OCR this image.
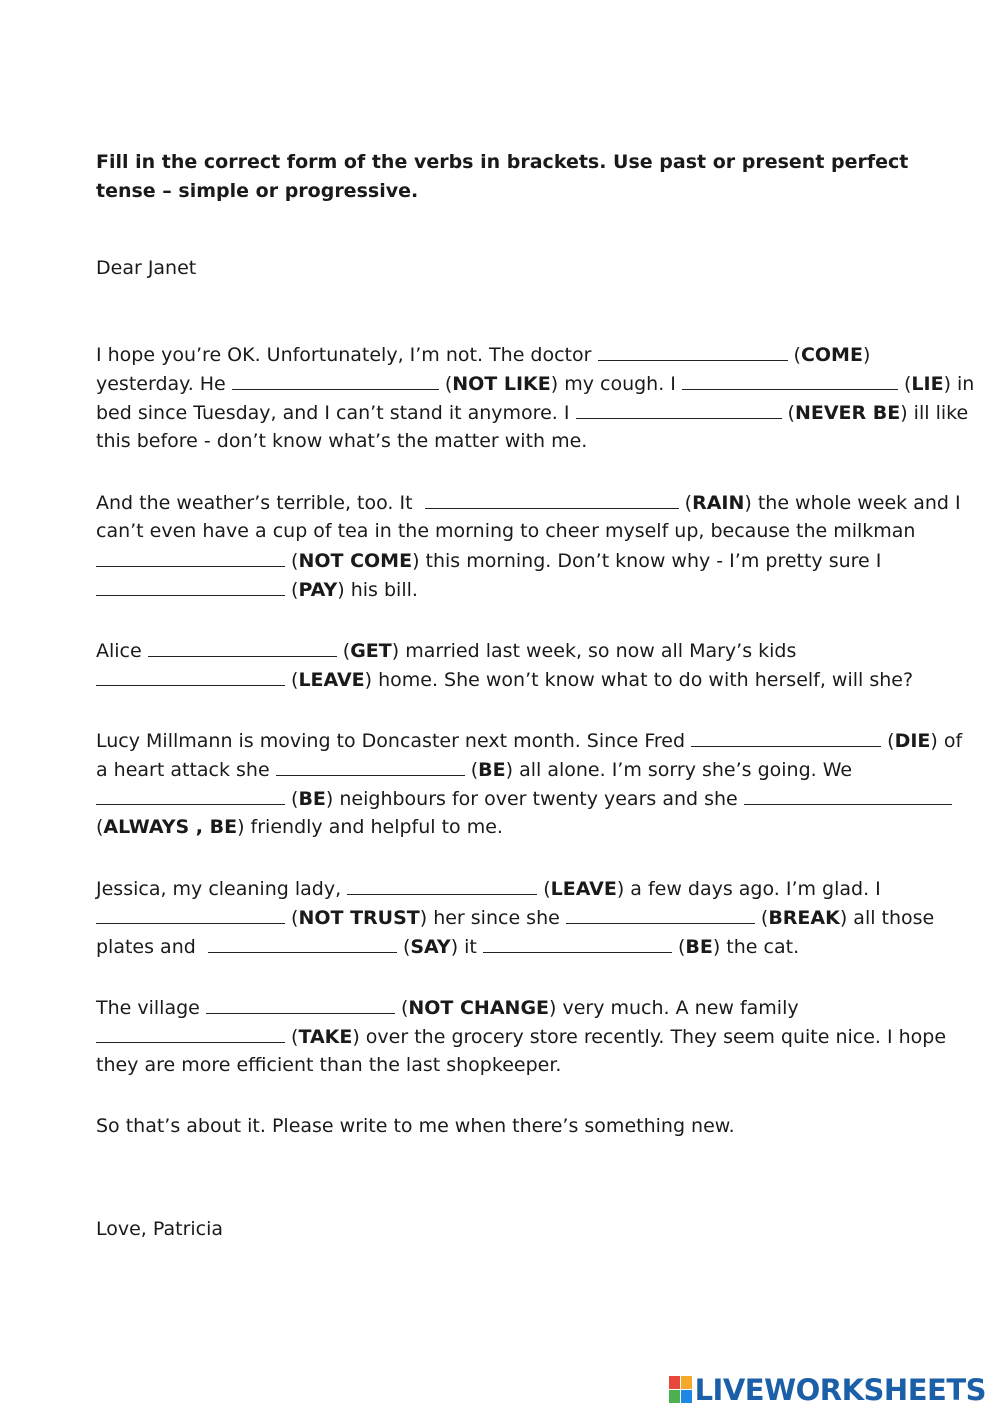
Fill in the correct form of the verbs in brackets. Use past or present perfect tense – simple or progressive.
Dear Janet
I hope you’re OK. Unfortunately, I’m not. The doctor	(COME)
yesterday. He	(NOT LIKE) my cough. I	(LIE) in
bed since Tuesday, and I can’t stand it anymore. I	(NEVER BE) ill like
this before - don’t know what’s the matter with me.
And the weather’s terrible, too. It	(RAIN) the whole week and I
can’t even have a cup of tea in the morning to cheer myself up, because the milkman
(NOT COME) this morning. Don’t know why - I’m pretty sure I
(PAY) his bill.
Alice	(GET) married last week, so now all Mary’s kids
(LEAVE) home. She won’t know what to do with herself, will she?
Lucy Millmann is moving to Doncaster next month. Since Fred	(DIE) of
a heart attack she	(BE) all alone. I’m sorry she’s going. We
(BE) neighbours for over twenty years and she
(ALWAYS , BE) friendly and helpful to me.
Jessica, my cleaning lady,	(LEAVE) a few days ago. I’m glad. I
(NOT TRUST) her since she	(BREAK) all those
plates and	(SAY) it	(BE) the cat.
The village	(NOT CHANGE) very much. A new family
(TAKE) over the grocery store recently. They seem quite nice. I hope
they are more efficient than the last shopkeeper.
So that’s about it. Please write to me when there’s something new.
Love, Patricia
LIVEWORKSHEETS
